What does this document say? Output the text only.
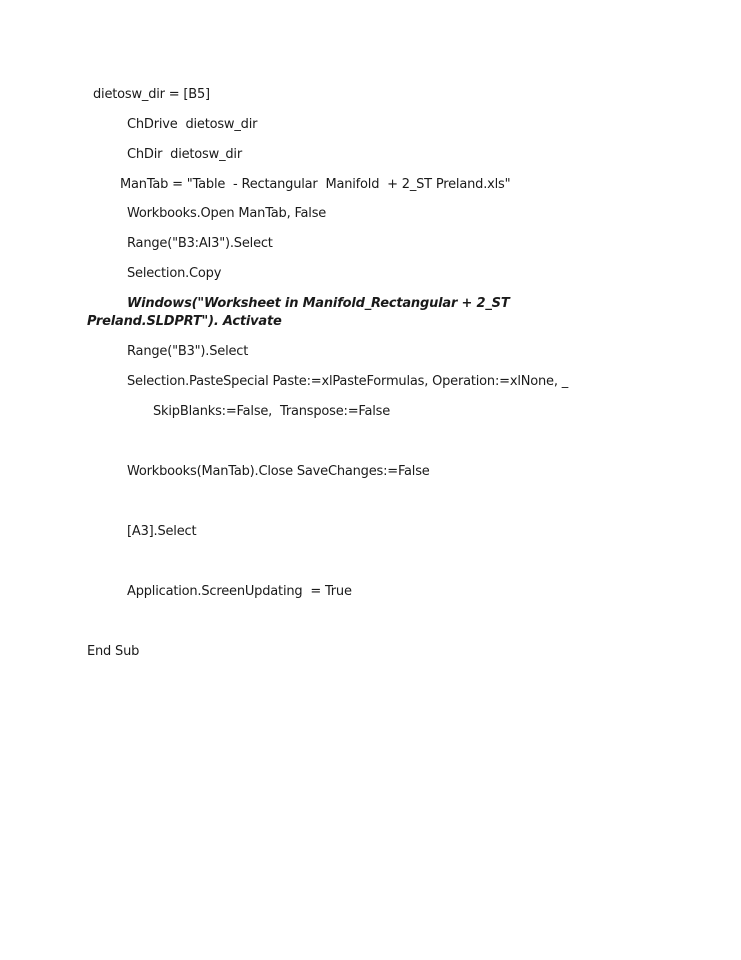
dietosw_dir = [B5]
ChDrive  dietosw_dir
ChDir  dietosw_dir
ManTab = "Table  - Rectangular  Manifold  + 2_ST Preland.xls"
Workbooks.Open ManTab, False
Range("B3:AI3").Select
Selection.Copy
Windows("Worksheet in Manifold_Rectangular + 2_ST
Preland.SLDPRT"). Activate
Range("B3").Select
Selection.PasteSpecial Paste:=xlPasteFormulas, Operation:=xlNone, _
SkipBlanks:=False,  Transpose:=False
Workbooks(ManTab).Close SaveChanges:=False
[A3].Select
Application.ScreenUpdating  = True
End Sub
